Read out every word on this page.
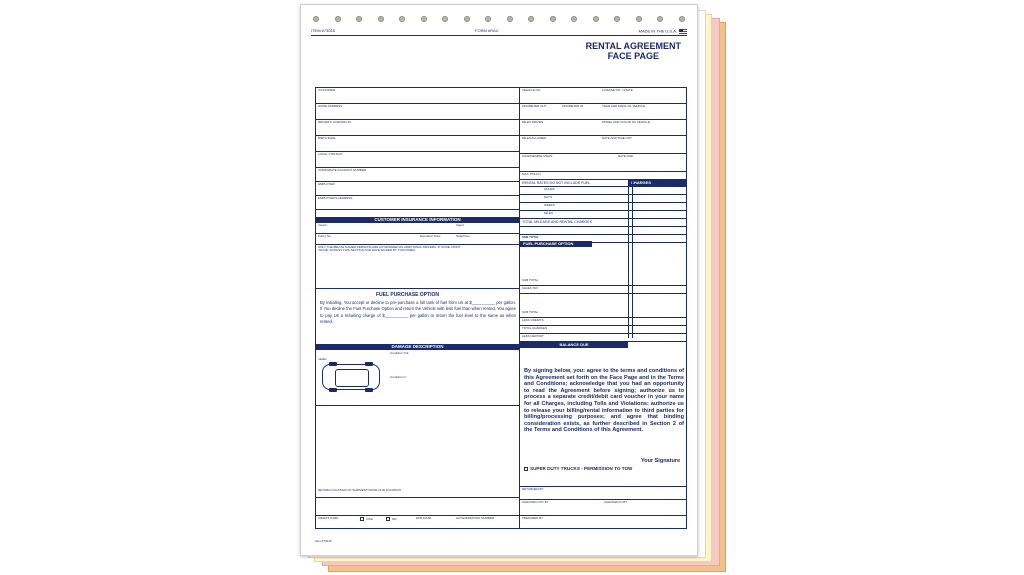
ITEM #73015	FORM #RAC	MADE IN THE U.S.A.
RENTAL AGREEMENT
FACE PAGE
CUSTOMER
HOME ADDRESS
DRIVER'S LICENSE NO.
BIRTH DATE
LOCAL CONTACT
CORPORATE ACCOUNT NUMBER
EMPLOYER
EMPLOYER'S ADDRESS
CUSTOMER INSURANCE INFORMATION
Insurer	Agent
Policy No.	Expiration Date	Telephone
ONLY THE BELOW NAMED PERSONS ARE AUTHORIZED AS ADDITIONAL DRIVERS. IF NONE, PRINT "NONE" ACROSS THIS SECTION AND HAVE SIGNED BY CUSTOMER.
FUEL PURCHASE OPTION
By initialing, You accept or decline to pre-purchase a full tank of fuel from Us at $__________ per gallon. If You decline the Fuel Purchase Option and return the Vehicle with less fuel than when rented, You agree to pay Us a refueling charge of $__________ per gallon to return the fuel level to the same as when rented.
DAMAGE DESCRIPTION
Initials
Condition Out:
Condition In:
RETURN LOCATION OF SHIPMENT FROM OUR LOCATION
CREDIT CARD	VISA	MC	EXP. DATE	AUTHORIZATION NUMBER
VEHICLE NO.	LICENSE NO. / STATE
ODOMETER OUT	ODOMETER IN	YEAR AND MAKE OF VEHICLE
MILES DRIVEN	MODEL AND COLOR OF VEHICLE
MILES ALLOWED	DATE AND TIME OUT
CHARGEABLE MILES	DATE DUE
MAX. POLICY
RENTAL RATES DO NOT INCLUDE FUEL	CHARGES
HOURS
DAYS
WEEKS
MILES
TOTAL MILEAGE AND RENTAL CHARGES
SUB TOTAL
FUEL PURCHASE OPTION
SUB TOTAL
SALES TAX
SUB TOTAL
LESS CREDITS
TOTAL CHARGES
LESS DEPOSIT
BALANCE DUE
By signing below, you: agree to the terms and conditions of this Agreement set forth on the Face Page and in the Terms and Conditions; acknowledge that you had an opportunity to read the Agreement before signing; authorize us to process a separate credit/debit card voucher in your name for all Charges, including Tolls and Violations; authorize us to release your billing/rental information to third parties for billing/processing purposes; and agree that binding consideration exists, as further described in Section 2 of the Terms and Conditions of this Agreement.
Your Signature
SUPER DUTY TRUCKS - PERMISSION TO TOW
RETURNED BY
CHECKED OUT BY	CHECKED IN BY
PREPARED BY
Item #73015
